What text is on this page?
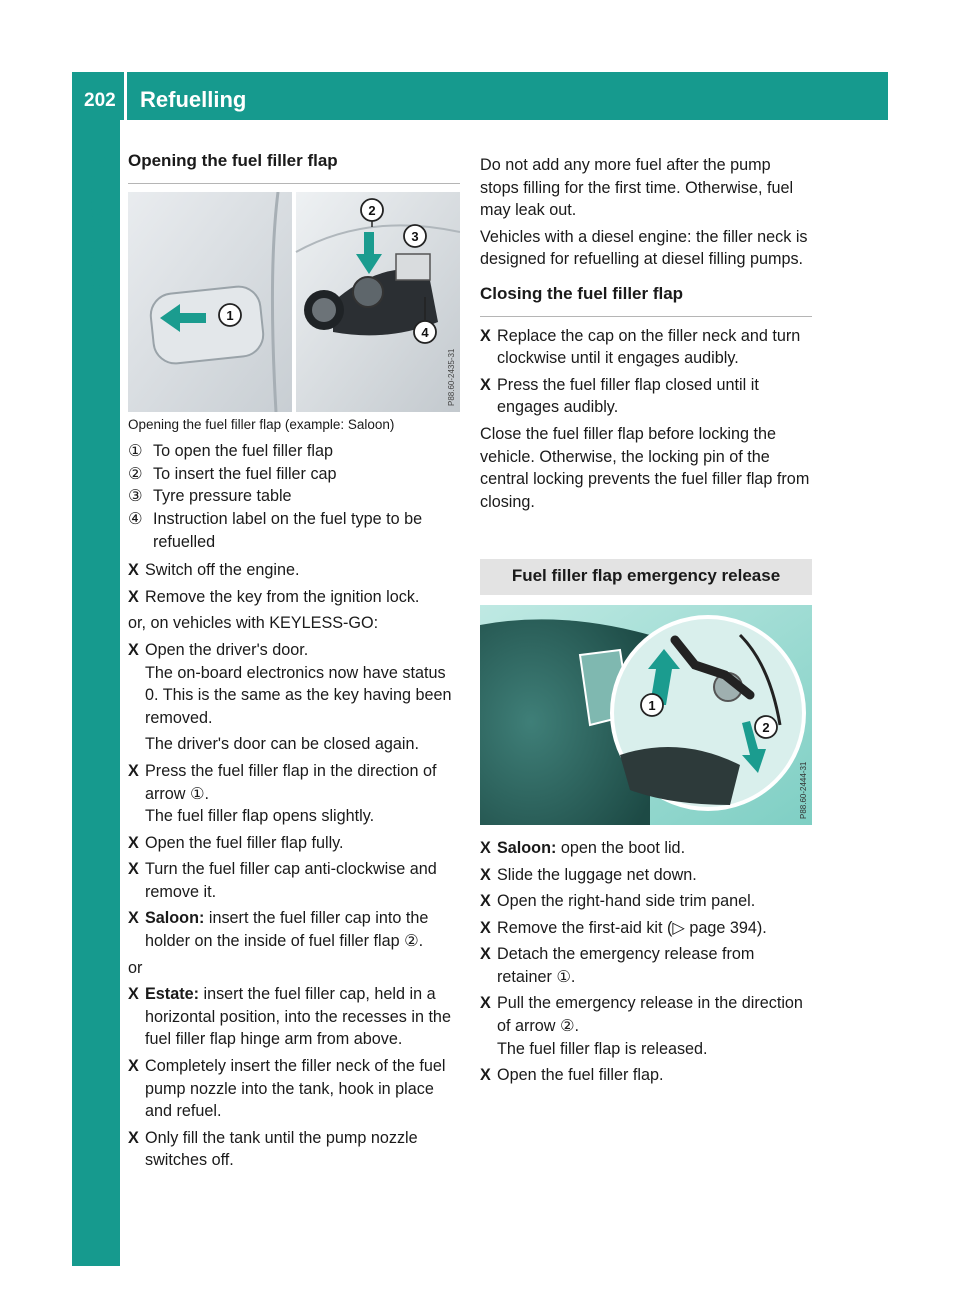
202 Refuelling
Driving and parking Opening the fuel filler flap
1
2
3
4
P88.60-2435-31
Opening the fuel filler flap (example: Saloon)
① To open the fuel filler flap
② To insert the fuel filler cap
③ Tyre pressure table
④ Instruction label on the fuel type to be refuelled
X Switch off the engine.
X Remove the key from the ignition lock.
or, on vehicles with KEYLESS-GO:
X Open the driver's door.
The on-board electronics now have status 0. This is the same as the key having been removed.
The driver's door can be closed again.
X Press the fuel filler flap in the direction of arrow ①.
The fuel filler flap opens slightly.
X Open the fuel filler flap fully.
X Turn the fuel filler cap anti-clockwise and remove it.
X Saloon: insert the fuel filler cap into the holder on the inside of fuel filler flap ②.
or
X Estate: insert the fuel filler cap, held in a horizontal position, into the recesses in the fuel filler flap hinge arm from above.
X Completely insert the filler neck of the fuel pump nozzle into the tank, hook in place and refuel.
X Only fill the tank until the pump nozzle switches off.
Do not add any more fuel after the pump stops filling for the first time. Otherwise, fuel may leak out.
Vehicles with a diesel engine: the filler neck is designed for refuelling at diesel filling pumps.
Closing the fuel filler flap
X Replace the cap on the filler neck and turn clockwise until it engages audibly.
X Press the fuel filler flap closed until it engages audibly.
Close the fuel filler flap before locking the vehicle. Otherwise, the locking pin of the central locking prevents the fuel filler flap from closing.
Fuel filler flap emergency release
1
2
P88.60-2444-31
X Saloon: open the boot lid.
X Slide the luggage net down.
X Open the right-hand side trim panel.
X Remove the first-aid kit (▷ page 394).
X Detach the emergency release from retainer ①.
X Pull the emergency release in the direction of arrow ②.
The fuel filler flap is released.
X Open the fuel filler flap.
